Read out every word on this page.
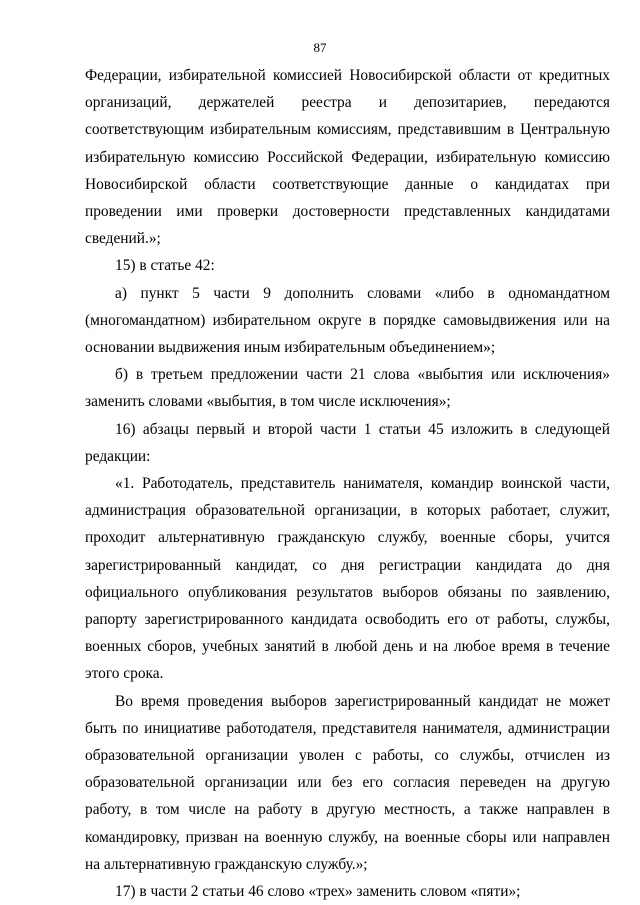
87

Федерации, избирательной комиссией Новосибирской области от кредитных организаций, держателей реестра и депозитариев, передаются соответствующим избирательным комиссиям, представившим в Центральную избирательную комиссию Российской Федерации, избирательную комиссию Новосибирской области соответствующие данные о кандидатах при проведении ими проверки достоверности представленных кандидатами сведений.»;

15) в статье 42:

а) пункт 5 части 9 дополнить словами «либо в одномандатном (многомандатном) избирательном округе в порядке самовыдвижения или на основании выдвижения иным избирательным объединением»;

б) в третьем предложении части 21 слова «выбытия или исключения» заменить словами «выбытия, в том числе исключения»;

16) абзацы первый и второй части 1 статьи 45 изложить в следующей редакции:

«1. Работодатель, представитель нанимателя, командир воинской части, администрация образовательной организации, в которых работает, служит, проходит альтернативную гражданскую службу, военные сборы, учится зарегистрированный кандидат, со дня регистрации кандидата до дня официального опубликования результатов выборов обязаны по заявлению, рапорту зарегистрированного кандидата освободить его от работы, службы, военных сборов, учебных занятий в любой день и на любое время в течение этого срока.

Во время проведения выборов зарегистрированный кандидат не может быть по инициативе работодателя, представителя нанимателя, администрации образовательной организации уволен с работы, со службы, отчислен из образовательной организации или без его согласия переведен на другую работу, в том числе на работу в другую местность, а также направлен в командировку, призван на военную службу, на военные сборы или направлен на альтернативную гражданскую службу.»;

17) в части 2 статьи 46 слово «трех» заменить словом «пяти»;
